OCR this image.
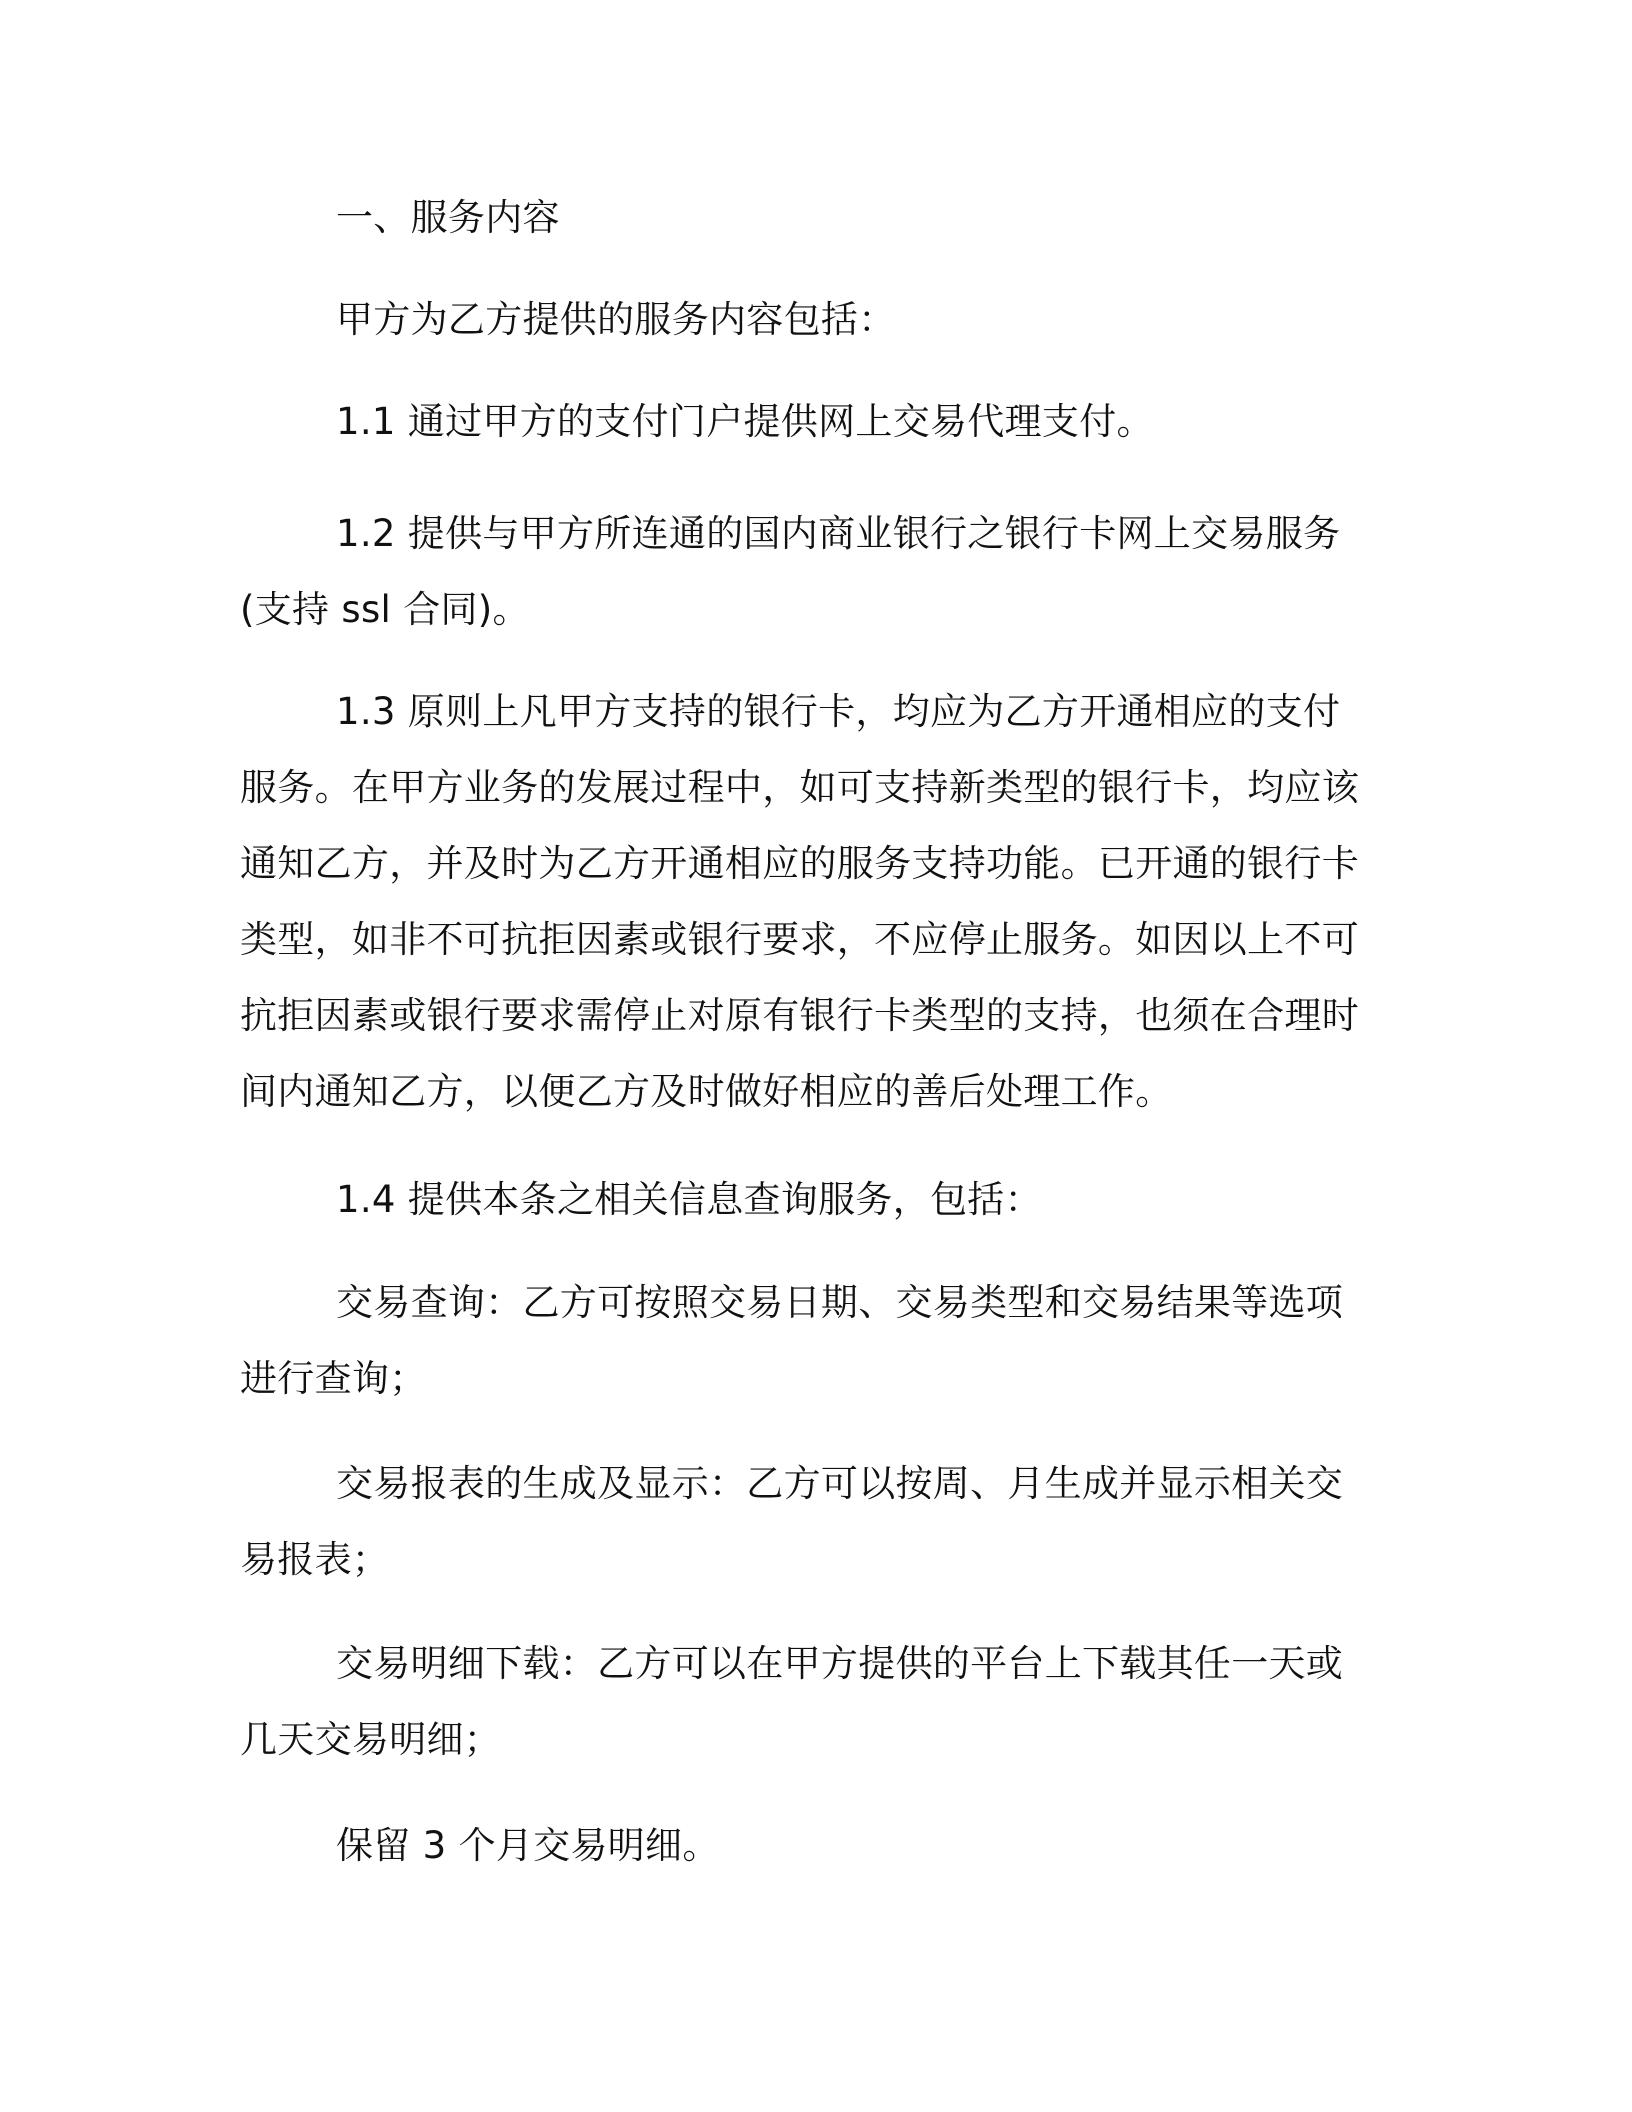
一、服务内容

甲方为乙方提供的服务内容包括：

1.1 通过甲方的支付门户提供网上交易代理支付。

1.2 提供与甲方所连通的国内商业银行之银行卡网上交易服务(支持 ssl 合同)。

1.3 原则上凡甲方支持的银行卡，均应为乙方开通相应的支付服务。在甲方业务的发展过程中，如可支持新类型的银行卡，均应该通知乙方，并及时为乙方开通相应的服务支持功能。已开通的银行卡类型，如非不可抗拒因素或银行要求，不应停止服务。如因以上不可抗拒因素或银行要求需停止对原有银行卡类型的支持，也须在合理时间内通知乙方，以便乙方及时做好相应的善后处理工作。

1.4 提供本条之相关信息查询服务，包括：

交易查询：乙方可按照交易日期、交易类型和交易结果等选项进行查询；

交易报表的生成及显示：乙方可以按周、月生成并显示相关交易报表；

交易明细下载：乙方可以在甲方提供的平台上下载其任一天或几天交易明细；

保留 3 个月交易明细。
